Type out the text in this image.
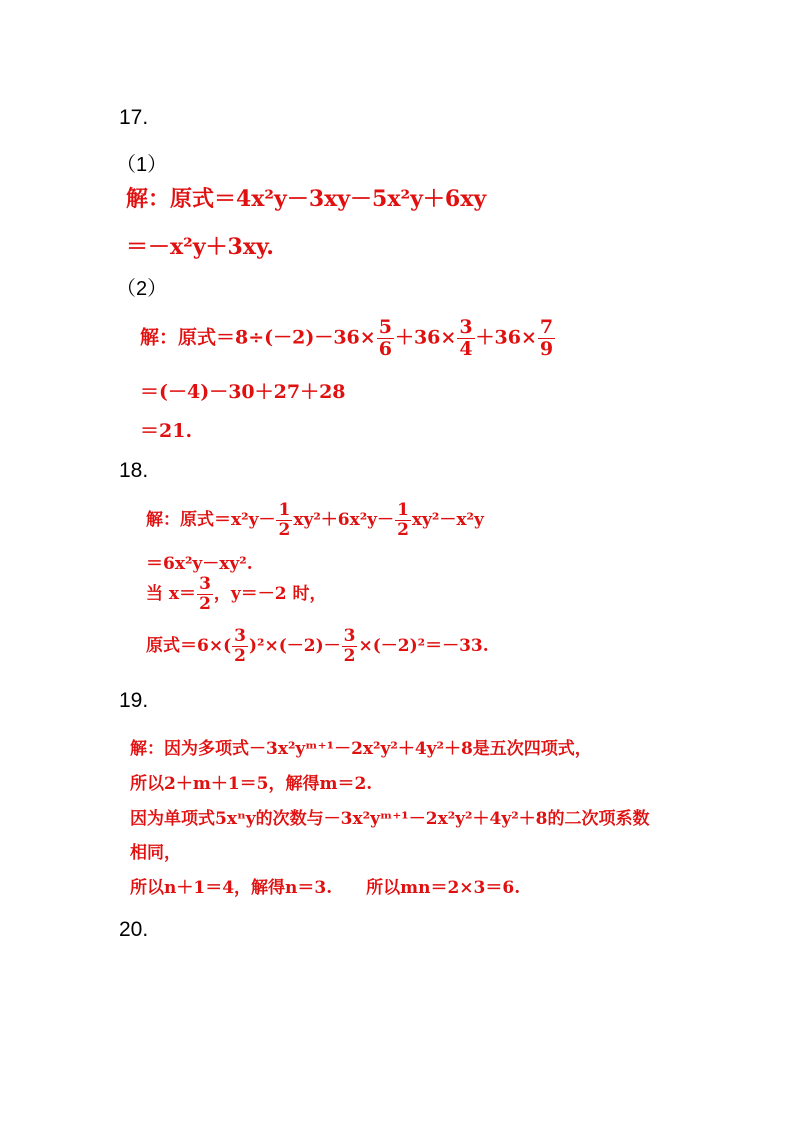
17.
（1）
解：原式＝4x²y－3xy－5x²y＋6xy
＝－x²y＋3xy.
（2）
解：原式$=8\div(-2)-36\times \frac{5}{6} +36\times \frac{3}{4} +36\times \frac{7}{9}$
＝(－4)－30＋27＋28
＝21.
18.
解：原式$=x^2y- \frac{1}{2} xy^2+6x^2y- \frac{1}{2} xy^2-x^2y$
＝6x²y－xy².
当 $x= \frac{3}{2}$ ，y＝－2 时，
原式$=6\times( \frac{3}{2} )^2\times(-2)- \frac{3}{2} \times(-2)^2=-33$.
19.
解：因为多项式－3x²yᵐ⁺¹－2x²y²＋4y²＋8是五次四项式，
所以2＋m＋1＝5，解得m＝2.
因为单项式5xⁿy的次数与－3x²yᵐ⁺¹－2x²y²＋4y²＋8的二次项系数
相同，
所以n＋1＝4，解得n＝3.　　所以mn＝2×3＝6.
20.
